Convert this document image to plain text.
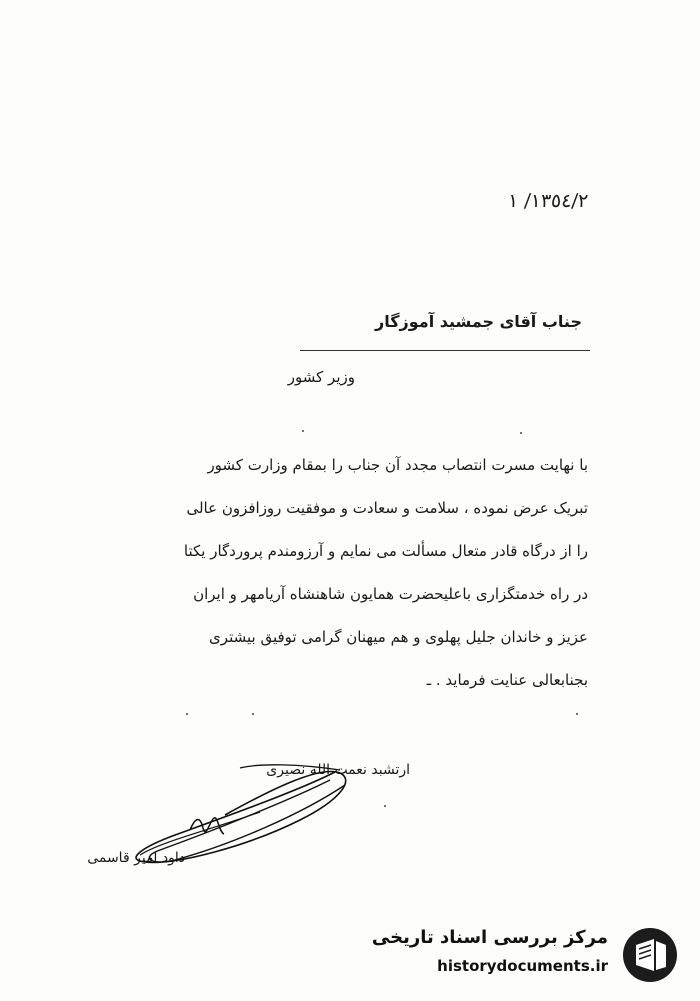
١٣٥٤/٢/ ١
جناب آقای جمشید آموزگار
وزیر کشور
با نهایت مسرت انتصاب مجدد آن جناب را بمقام وزارت کشور
تبریک عرض نموده ، سلامت و سعادت و موفقیت روزافزون عالی
را از درگاه قادر متعال مسألت می نمایم و آرزومندم پروردگار یکتا
در راه خدمتگزاری باعلیحضرت همایون شاهنشاه آریامهر و ایران
عزیز و خاندان جلیل پهلوی و هم میهنان گرامی توفیق بیشتری
بجنابعالی عنایت فرماید . ـ
ارتشبد نعمت الله نصیری
داود امیر قاسمی
مرکز بررسی اسناد تاریخی
historydocuments.ir
